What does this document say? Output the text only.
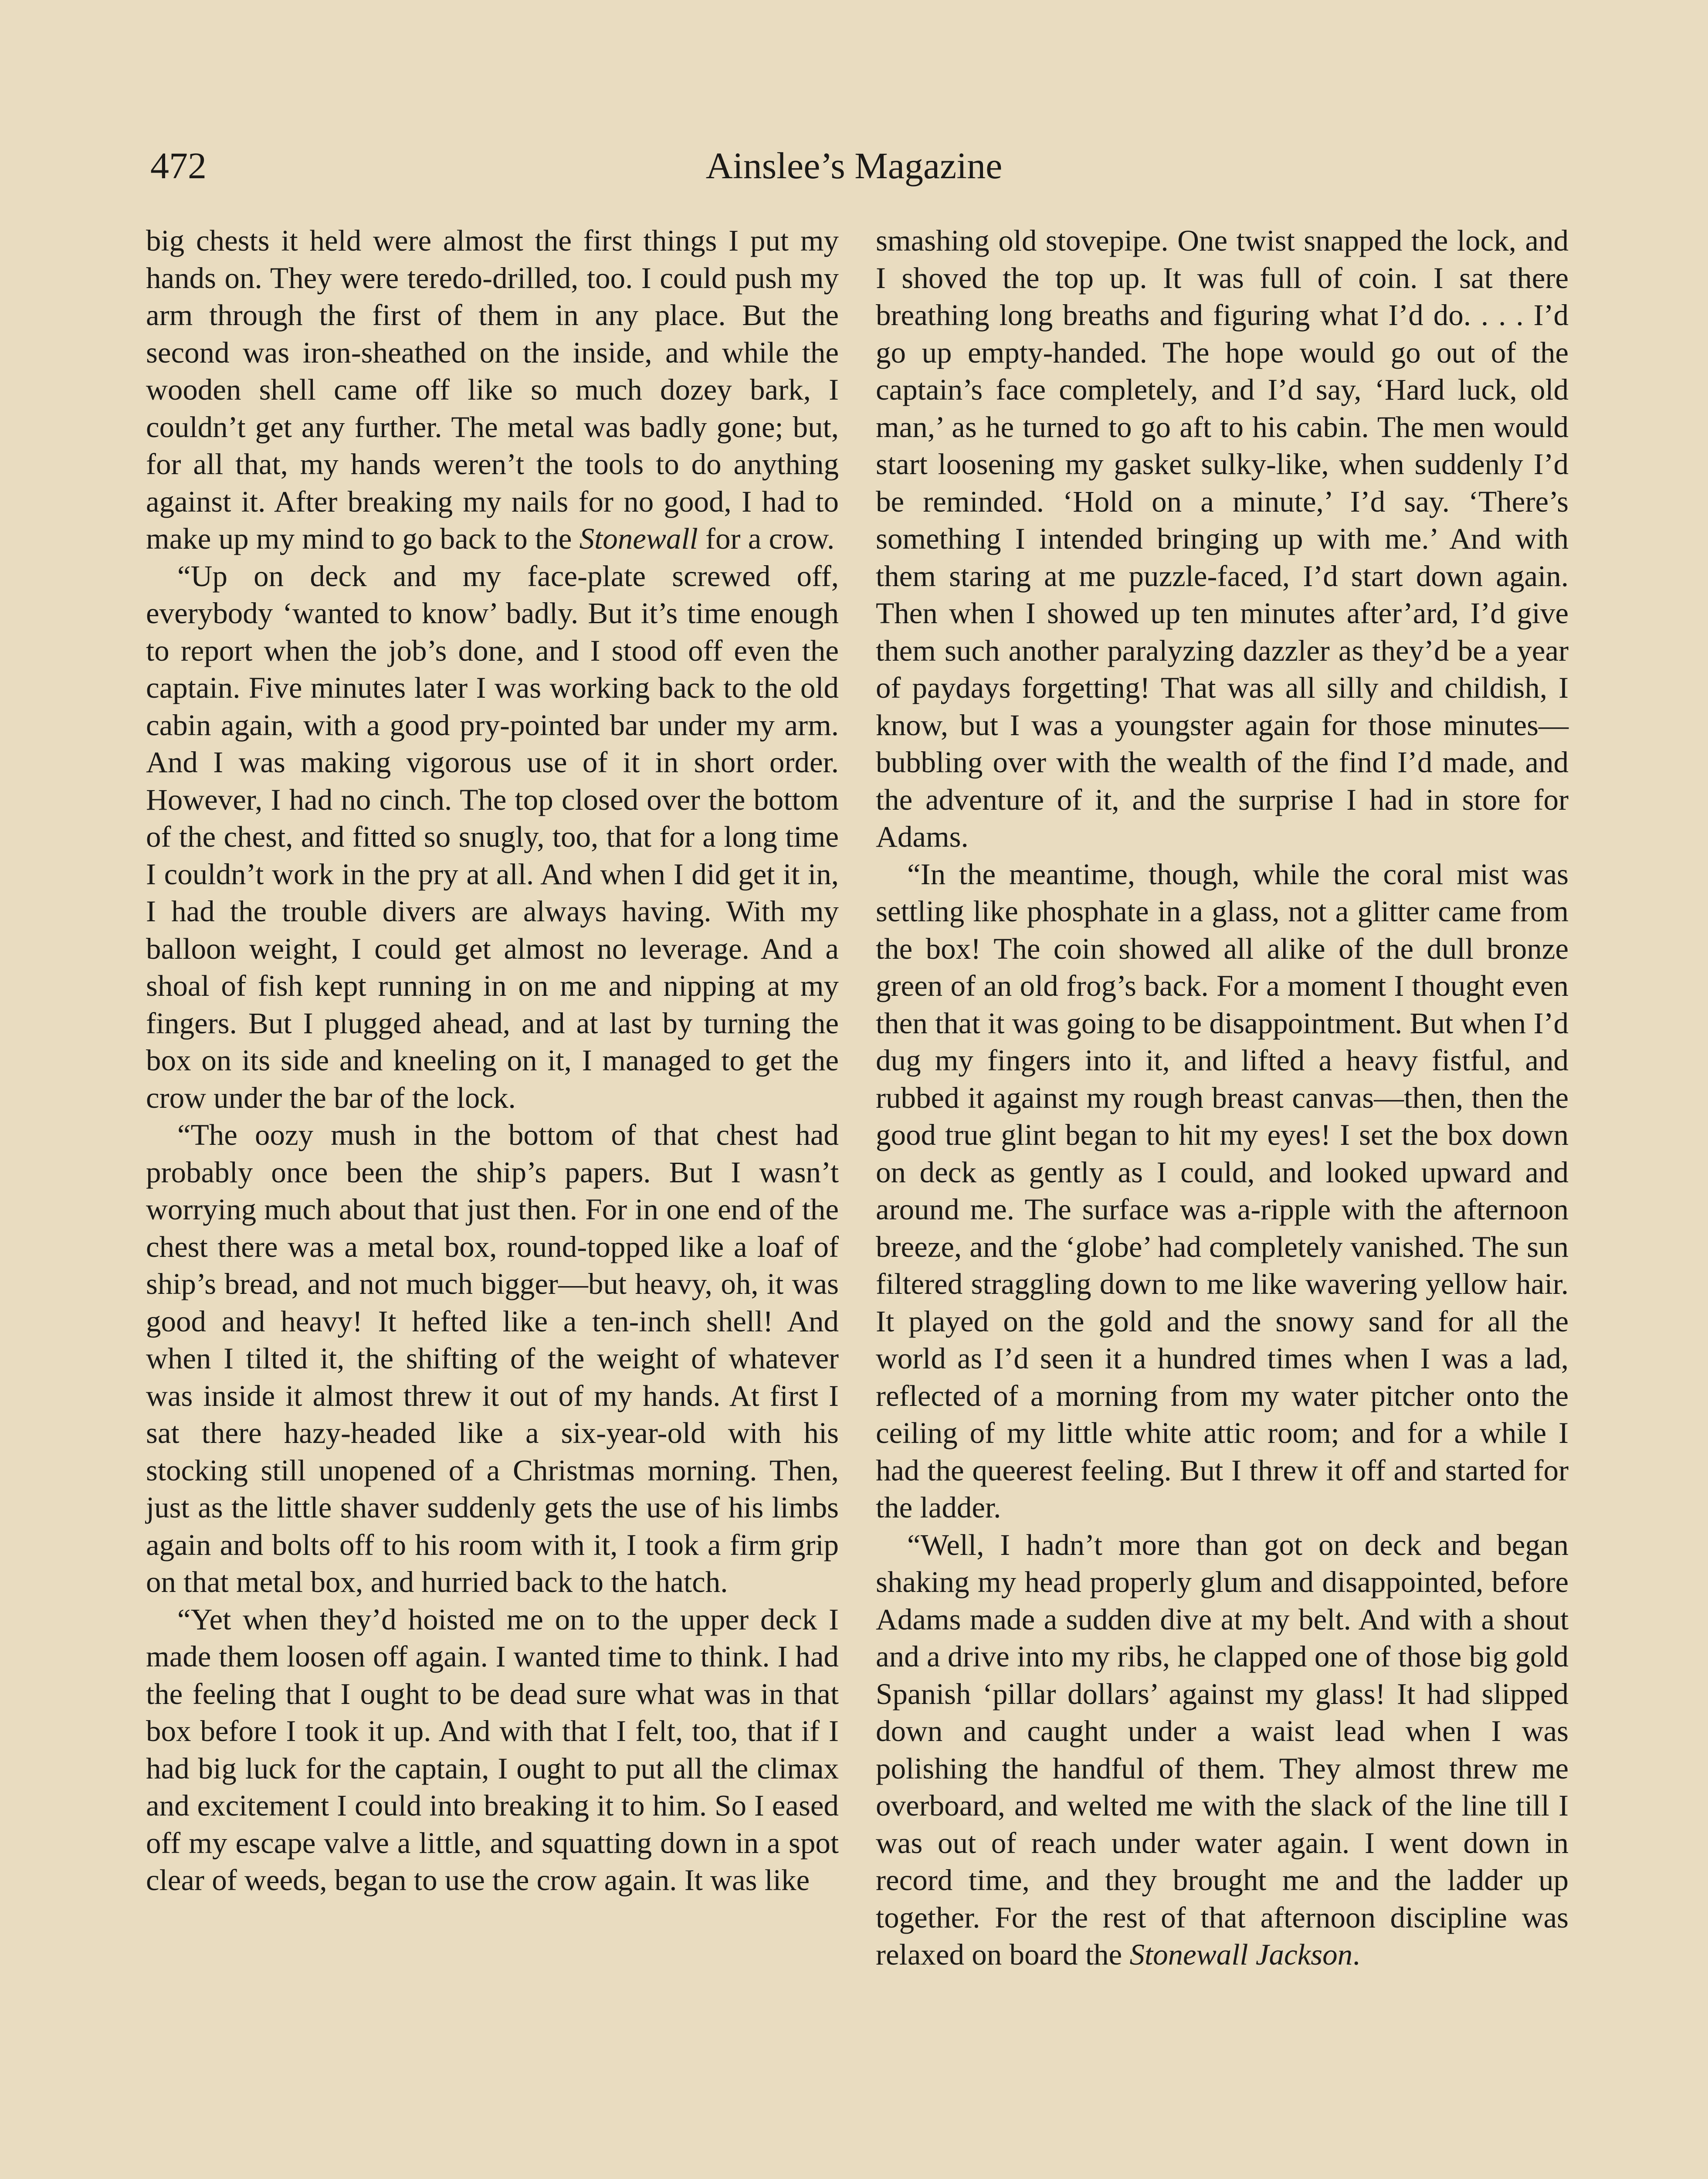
472	Ainslee’s Magazine

big chests it held were almost the first things I put my hands on. They were teredo-drilled, too. I could push my arm through the first of them in any place. But the second was iron-sheathed on the inside, and while the wooden shell came off like so much dozey bark, I couldn’t get any further. The metal was badly gone; but, for all that, my hands weren’t the tools to do anything against it. After breaking my nails for no good, I had to make up my mind to go back to the Stonewall for a crow.

“Up on deck and my face-plate screwed off, everybody ‘wanted to know’ badly. But it’s time enough to report when the job’s done, and I stood off even the captain. Five minutes later I was working back to the old cabin again, with a good pry-pointed bar under my arm. And I was making vigorous use of it in short order. However, I had no cinch. The top closed over the bottom of the chest, and fitted so snugly, too, that for a long time I couldn’t work in the pry at all. And when I did get it in, I had the trouble divers are always having. With my balloon weight, I could get almost no leverage. And a shoal of fish kept running in on me and nipping at my fingers. But I plugged ahead, and at last by turning the box on its side and kneeling on it, I managed to get the crow under the bar of the lock.

“The oozy mush in the bottom of that chest had probably once been the ship’s papers. But I wasn’t worrying much about that just then. For in one end of the chest there was a metal box, round-topped like a loaf of ship’s bread, and not much bigger—but heavy, oh, it was good and heavy! It hefted like a ten-inch shell! And when I tilted it, the shifting of the weight of whatever was inside it almost threw it out of my hands. At first I sat there hazy-headed like a six-year-old with his stocking still unopened of a Christmas morning. Then, just as the little shaver suddenly gets the use of his limbs again and bolts off to his room with it, I took a firm grip on that metal box, and hurried back to the hatch.

“Yet when they’d hoisted me on to the upper deck I made them loosen off again. I wanted time to think. I had the feeling that I ought to be dead sure what was in that box before I took it up. And with that I felt, too, that if I had big luck for the captain, I ought to put all the climax and excitement I could into breaking it to him. So I eased off my escape valve a little, and squatting down in a spot clear of weeds, began to use the crow again. It was like

smashing old stovepipe. One twist snapped the lock, and I shoved the top up. It was full of coin. I sat there breathing long breaths and figuring what I’d do. . . . I’d go up empty-handed. The hope would go out of the captain’s face completely, and I’d say, ‘Hard luck, old man,’ as he turned to go aft to his cabin. The men would start loosening my gasket sulky-like, when suddenly I’d be reminded. ‘Hold on a minute,’ I’d say. ‘There’s something I intended bringing up with me.’ And with them staring at me puzzle-faced, I’d start down again. Then when I showed up ten minutes after’ard, I’d give them such another paralyzing dazzler as they’d be a year of paydays forgetting! That was all silly and childish, I know, but I was a youngster again for those minutes—bubbling over with the wealth of the find I’d made, and the adventure of it, and the surprise I had in store for Adams.

“In the meantime, though, while the coral mist was settling like phosphate in a glass, not a glitter came from the box! The coin showed all alike of the dull bronze green of an old frog’s back. For a moment I thought even then that it was going to be disappointment. But when I’d dug my fingers into it, and lifted a heavy fistful, and rubbed it against my rough breast canvas—then, then the good true glint began to hit my eyes! I set the box down on deck as gently as I could, and looked upward and around me. The surface was a-ripple with the afternoon breeze, and the ‘globe’ had completely vanished. The sun filtered straggling down to me like wavering yellow hair. It played on the gold and the snowy sand for all the world as I’d seen it a hundred times when I was a lad, reflected of a morning from my water pitcher onto the ceiling of my little white attic room; and for a while I had the queerest feeling. But I threw it off and started for the ladder.

“Well, I hadn’t more than got on deck and began shaking my head properly glum and disappointed, before Adams made a sudden dive at my belt. And with a shout and a drive into my ribs, he clapped one of those big gold Spanish ‘pillar dollars’ against my glass! It had slipped down and caught under a waist lead when I was polishing the handful of them. They almost threw me overboard, and welted me with the slack of the line till I was out of reach under water again. I went down in record time, and they brought me and the ladder up together. For the rest of that afternoon discipline was relaxed on board the Stonewall Jackson.
